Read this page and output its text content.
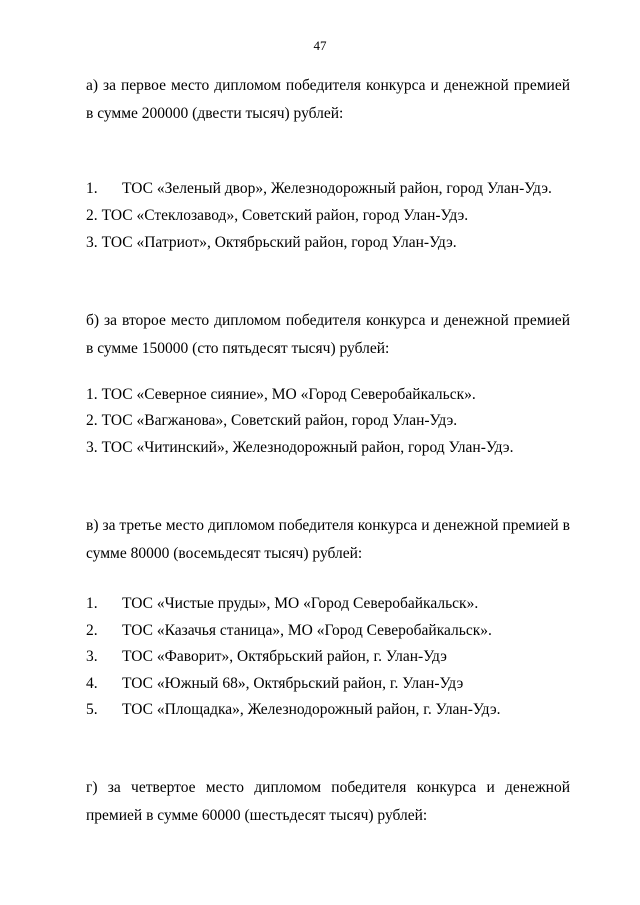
47
а) за первое место дипломом победителя конкурса и денежной премией в сумме 200000 (двести тысяч) рублей:
1. ТОС «Зеленый двор», Железнодорожный район, город Улан-Удэ.
2. ТОС «Стеклозавод», Советский район, город Улан-Удэ.
3. ТОС «Патриот», Октябрьский район, город Улан-Удэ.
б) за второе место дипломом победителя конкурса и денежной премией в сумме 150000 (сто пятьдесят тысяч) рублей:
1. ТОС «Северное сияние», МО «Город Северобайкальск».
2. ТОС «Вагжанова», Советский район, город Улан-Удэ.
3. ТОС «Читинский», Железнодорожный район, город Улан-Удэ.
в) за третье место дипломом победителя конкурса и денежной премией в сумме 80000 (восемьдесят тысяч) рублей:
1. ТОС «Чистые пруды», МО «Город Северобайкальск».
2. ТОС «Казачья станица», МО «Город Северобайкальск».
3. ТОС «Фаворит», Октябрьский район, г. Улан-Удэ
4. ТОС «Южный 68», Октябрьский район, г. Улан-Удэ
5. ТОС «Площадка», Железнодорожный район, г. Улан-Удэ.
г) за четвертое место дипломом победителя конкурса и денежной премией в сумме 60000 (шестьдесят тысяч) рублей:
